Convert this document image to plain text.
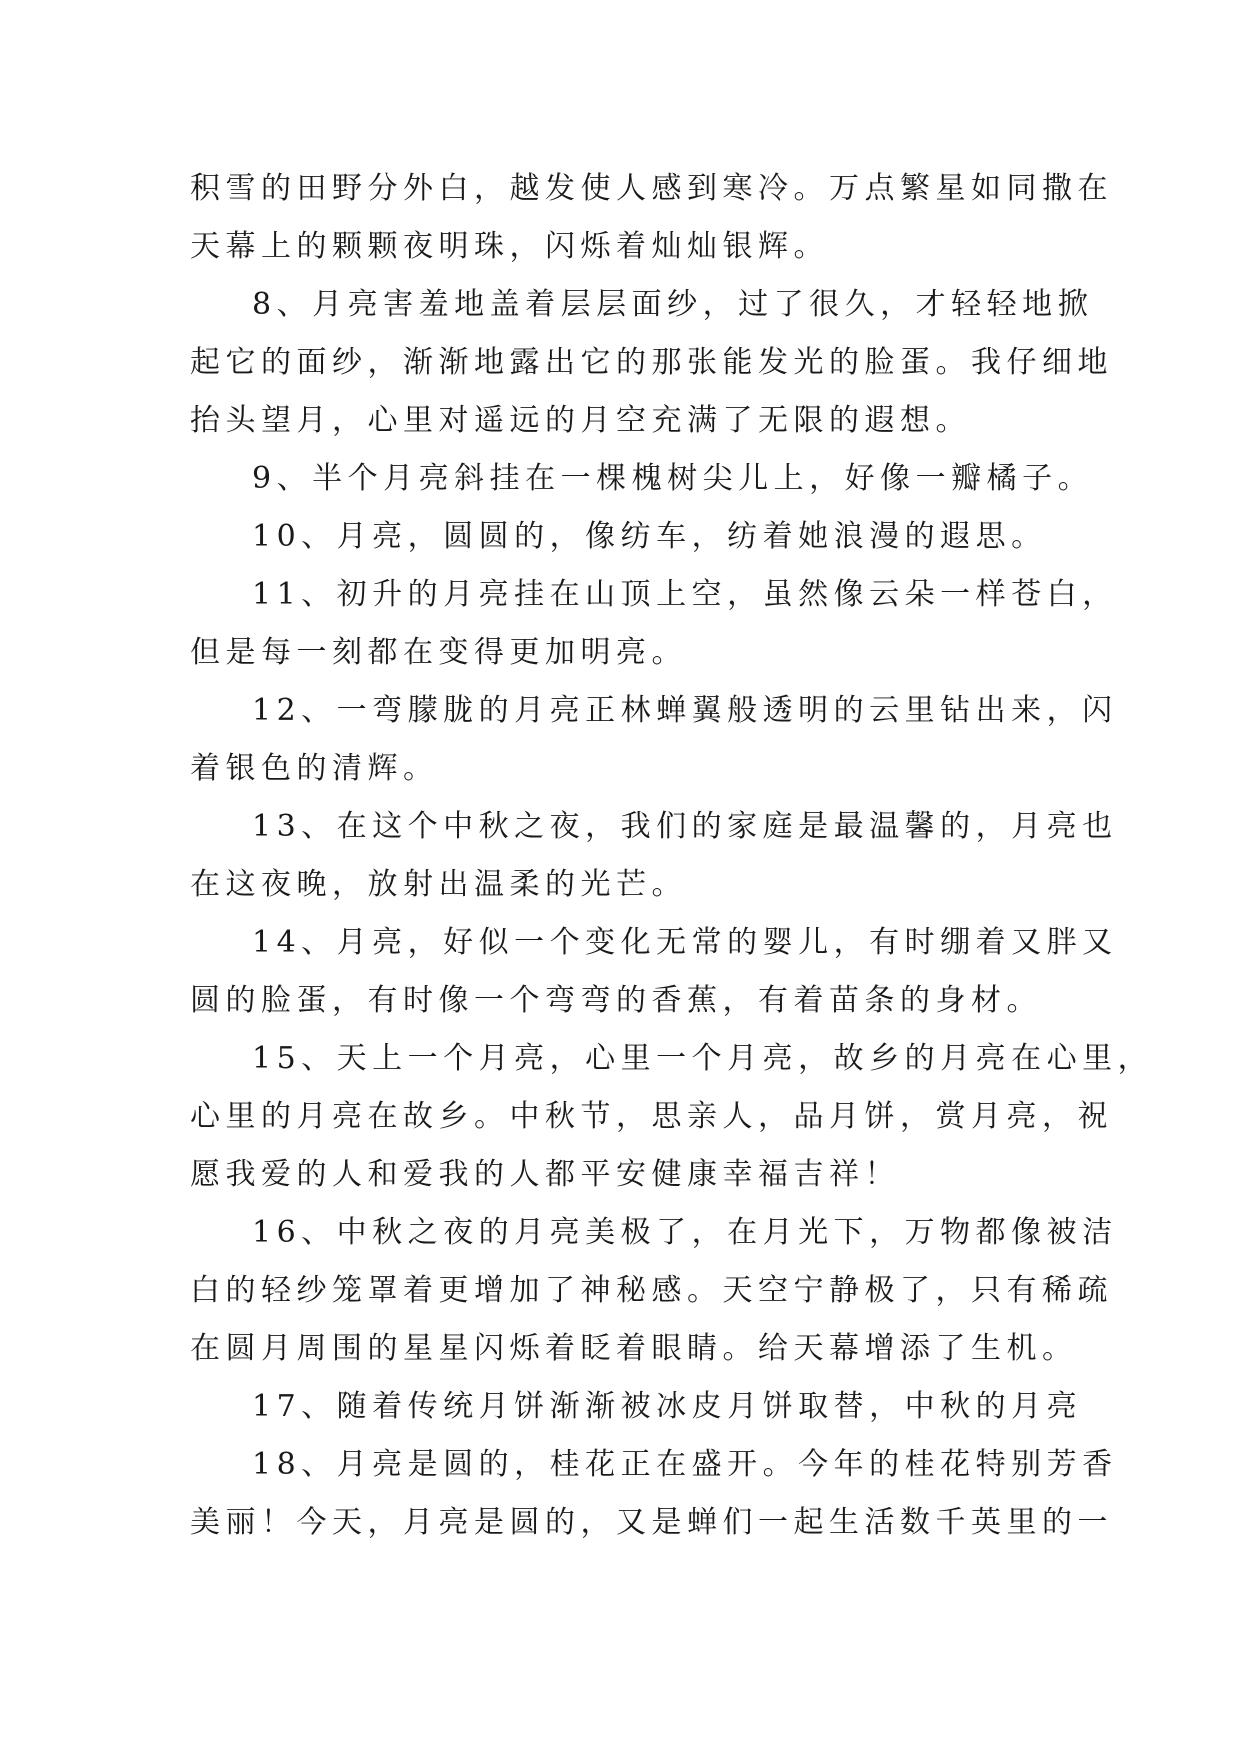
积雪的田野分外白，越发使人感到寒冷。万点繁星如同撒在
天幕上的颗颗夜明珠，闪烁着灿灿银辉。
8、月亮害羞地盖着层层面纱，过了很久，才轻轻地掀
起它的面纱，渐渐地露出它的那张能发光的脸蛋。我仔细地
抬头望月，心里对遥远的月空充满了无限的遐想。
9、半个月亮斜挂在一棵槐树尖儿上，好像一瓣橘子。
10、月亮，圆圆的，像纺车，纺着她浪漫的遐思。
11、初升的月亮挂在山顶上空，虽然像云朵一样苍白，
但是每一刻都在变得更加明亮。
12、一弯朦胧的月亮正林蝉翼般透明的云里钻出来，闪
着银色的清辉。
13、在这个中秋之夜，我们的家庭是最温馨的，月亮也
在这夜晚，放射出温柔的光芒。
14、月亮，好似一个变化无常的婴儿，有时绷着又胖又
圆的脸蛋，有时像一个弯弯的香蕉，有着苗条的身材。
15、天上一个月亮，心里一个月亮，故乡的月亮在心里，
心里的月亮在故乡。中秋节，思亲人，品月饼，赏月亮，祝
愿我爱的人和爱我的人都平安健康幸福吉祥！
16、中秋之夜的月亮美极了，在月光下，万物都像被洁
白的轻纱笼罩着更增加了神秘感。天空宁静极了，只有稀疏
在圆月周围的星星闪烁着眨着眼睛。给天幕增添了生机。
17、随着传统月饼渐渐被冰皮月饼取替，中秋的月亮
18、月亮是圆的，桂花正在盛开。今年的桂花特别芳香
美丽！今天，月亮是圆的，又是蝉们一起生活数千英里的一
